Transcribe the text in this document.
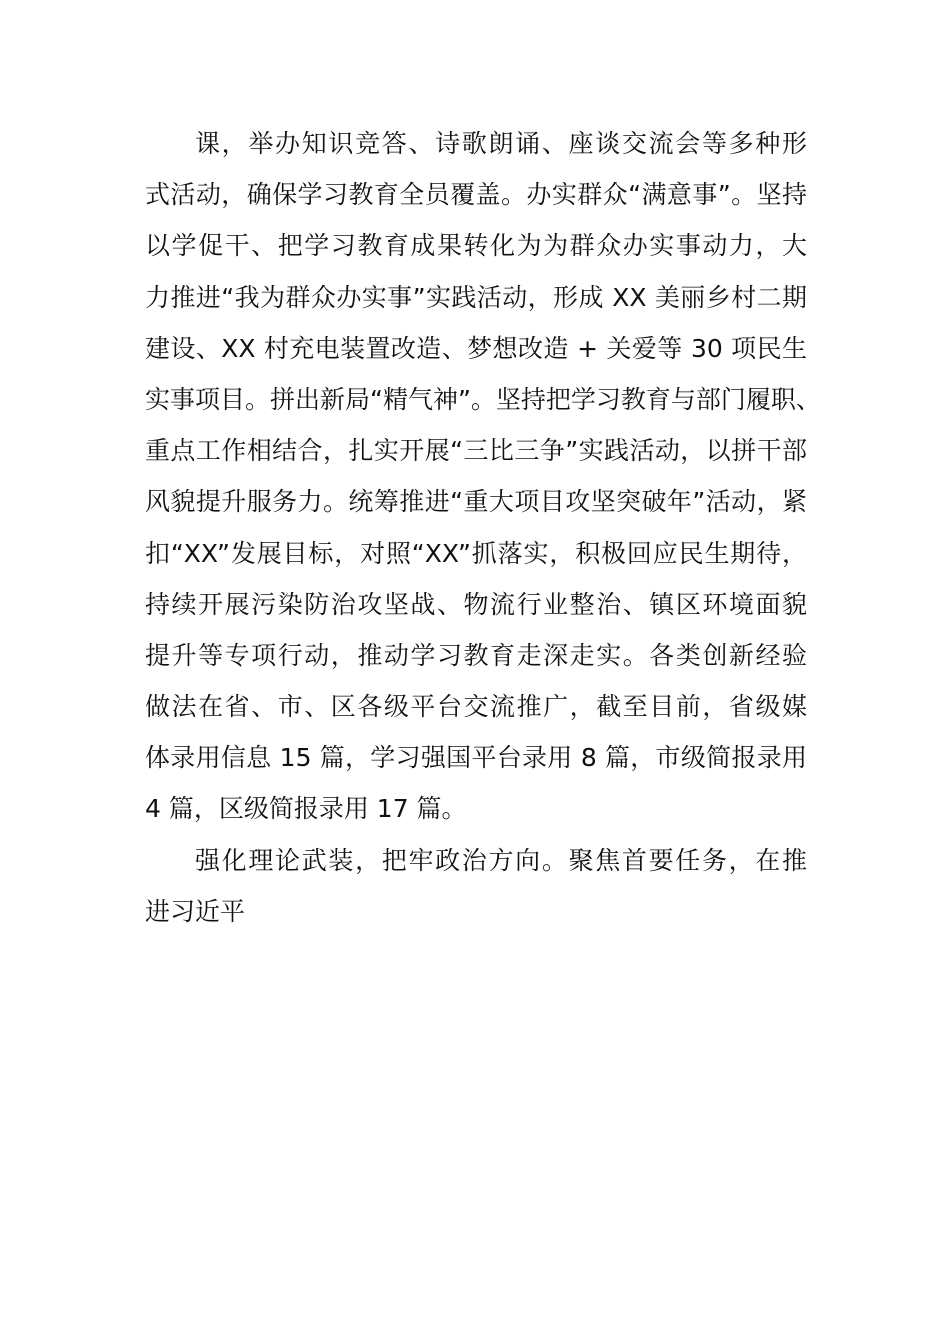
课，举办知识竞答、诗歌朗诵、座谈交流会等多种形
式活动，确保学习教育全员覆盖。办实群众“满意事”。坚持
以学促干、把学习教育成果转化为为群众办实事动力，大
力推进“我为群众办实事”实践活动，形成 XX 美丽乡村二期
建设、XX 村充电装置改造、梦想改造 + 关爱等 30 项民生
实事项目。拼出新局“精气神”。坚持把学习教育与部门履职、
重点工作相结合，扎实开展“三比三争”实践活动，以拼干部
风貌提升服务力。统筹推进“重大项目攻坚突破年”活动，紧
扣“XX”发展目标，对照“XX”抓落实，积极回应民生期待，
持续开展污染防治攻坚战、物流行业整治、镇区环境面貌
提升等专项行动，推动学习教育走深走实。各类创新经验
做法在省、市、区各级平台交流推广，截至目前，省级媒
体录用信息 15 篇，学习强国平台录用 8 篇，市级简报录用
4 篇，区级简报录用 17 篇。
强化理论武装，把牢政治方向。聚焦首要任务，在推
进习近平
